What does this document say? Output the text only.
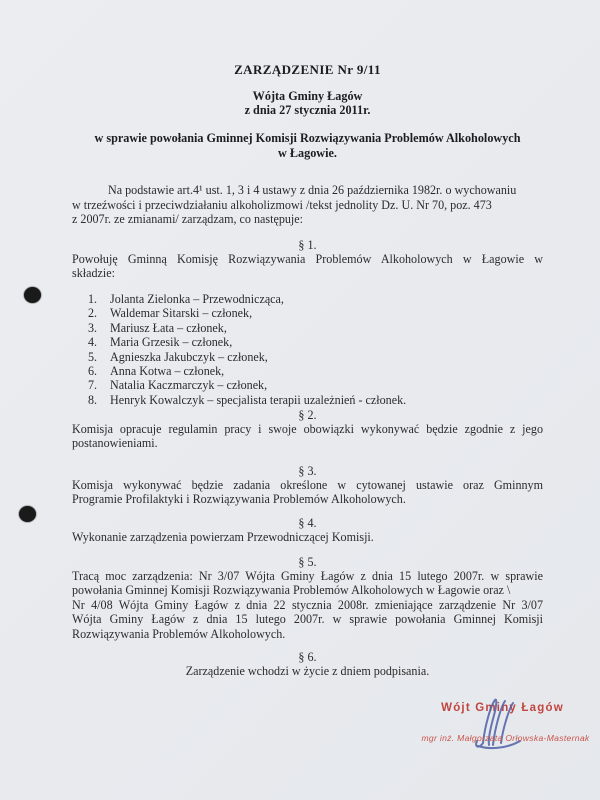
ZARZĄDZENIE Nr 9/11
Wójta Gminy Łagów
z dnia 27 stycznia 2011r.
w sprawie powołania Gminnej Komisji Rozwiązywania Problemów Alkoholowych
w Łagowie.
Na podstawie art.4¹ ust. 1, 3 i 4 ustawy z dnia 26 października 1982r. o wychowaniu
w trzeźwości i przeciwdziałaniu alkoholizmowi /tekst jednolity Dz. U. Nr 70, poz. 473
z 2007r. ze zmianami/ zarządzam, co następuje:
§ 1.
Powołuję Gminną Komisję Rozwiązywania Problemów Alkoholowych w Łagowie w
składzie:
1.	Jolanta Zielonka – Przewodnicząca,
2.	Waldemar Sitarski – członek,
3.	Mariusz Łata – członek,
4.	Maria Grzesik – członek,
5.	Agnieszka Jakubczyk – członek,
6.	Anna Kotwa – członek,
7.	Natalia Kaczmarczyk – członek,
8.	Henryk Kowalczyk – specjalista terapii uzależnień - członek.
§ 2.
Komisja opracuje regulamin pracy i swoje obowiązki wykonywać będzie zgodnie z jego
postanowieniami.
§ 3.
Komisja wykonywać będzie zadania określone w cytowanej ustawie oraz Gminnym
Programie Profilaktyki i Rozwiązywania Problemów Alkoholowych.
§ 4.
Wykonanie zarządzenia powierzam Przewodniczącej Komisji.
§ 5.
Tracą moc zarządzenia: Nr 3/07 Wójta Gminy Łagów z dnia 15 lutego 2007r. w sprawie
powołania Gminnej Komisji Rozwiązywania Problemów Alkoholowych w Łagowie oraz \
Nr 4/08 Wójta Gminy Łagów z dnia 22 stycznia 2008r. zmieniające zarządzenie Nr 3/07
Wójta Gminy Łagów z dnia 15 lutego 2007r. w sprawie powołania Gminnej Komisji
Rozwiązywania Problemów Alkoholowych.
§ 6.
Zarządzenie wchodzi w życie z dniem podpisania.
Wójt Gminy Łagów
mgr inż. Małgorzata Orłowska-Masternak
